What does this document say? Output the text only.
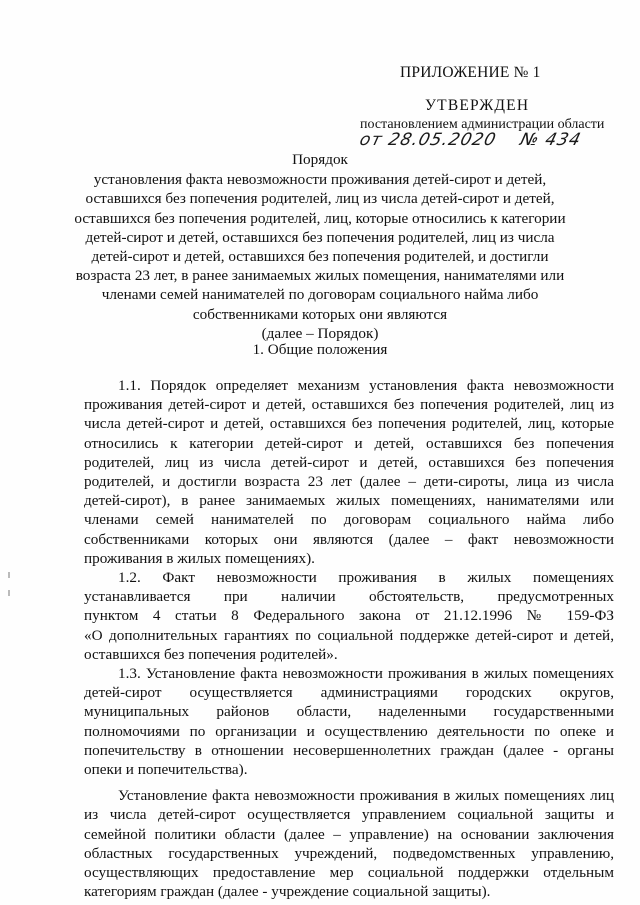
ПРИЛОЖЕНИЕ № 1
УТВЕРЖДЕН
постановлением администрации области
от 28.05.2020 № 434
Порядок
установления факта невозможности проживания детей-сирот и детей,
оставшихся без попечения родителей, лиц из числа детей-сирот и детей,
оставшихся без попечения родителей, лиц, которые относились к категории
детей-сирот и детей, оставшихся без попечения родителей, лиц из числа
детей-сирот и детей, оставшихся без попечения родителей, и достигли
возраста 23 лет, в ранее занимаемых жилых помещения, нанимателями или
членами семей нанимателей по договорам социального найма либо
собственниками которых они являются
(далее – Порядок)
1. Общие положения
1.1. Порядок определяет механизм установления факта невозможности
проживания детей-сирот и детей, оставшихся без попечения родителей, лиц из
числа детей-сирот и детей, оставшихся без попечения родителей, лиц, которые
относились к категории детей-сирот и детей, оставшихся без попечения
родителей, лиц из числа детей-сирот и детей, оставшихся без попечения
родителей, и достигли возраста 23 лет (далее – дети-сироты, лица из числа
детей-сирот), в ранее занимаемых жилых помещениях, нанимателями или
членами семей нанимателей по договорам социального найма либо
собственниками которых они являются (далее – факт невозможности
проживания в жилых помещениях).
1.2. Факт невозможности проживания в жилых помещениях
устанавливается при наличии обстоятельств, предусмотренных
пунктом 4 статьи 8 Федерального закона от 21.12.1996 № 159-ФЗ
«О дополнительных гарантиях по социальной поддержке детей-сирот и детей,
оставшихся без попечения родителей».
1.3. Установление факта невозможности проживания в жилых помещениях
детей-сирот осуществляется администрациями городских округов,
муниципальных районов области, наделенными государственными
полномочиями по организации и осуществлению деятельности по опеке и
попечительству в отношении несовершеннолетних граждан (далее - органы
опеки и попечительства).
Установление факта невозможности проживания в жилых помещениях лиц
из числа детей-сирот осуществляется управлением социальной защиты и
семейной политики области (далее – управление) на основании заключения
областных государственных учреждений, подведомственных управлению,
осуществляющих предоставление мер социальной поддержки отдельным
категориям граждан (далее - учреждение социальной защиты).
